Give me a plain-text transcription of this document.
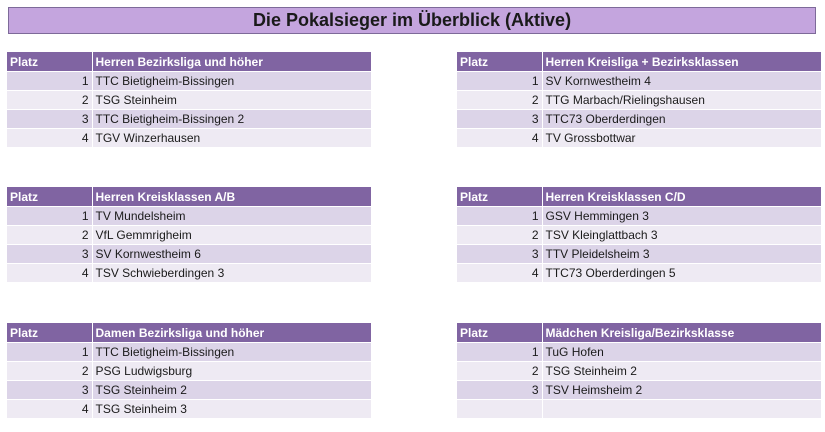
Die Pokalsieger im Überblick (Aktive)
Platz	Herren Bezirksliga und höher
1	TTC Bietigheim-Bissingen
2	TSG Steinheim
3	TTC Bietigheim-Bissingen 2
4	TGV Winzerhausen
Platz	Herren Kreisliga + Bezirksklassen
1	SV Kornwestheim 4
2	TTG Marbach/Rielingshausen
3	TTC73 Oberderdingen
4	TV Grossbottwar
Platz	Herren Kreisklassen A/B
1	TV Mundelsheim
2	VfL Gemmrigheim
3	SV Kornwestheim 6
4	TSV Schwieberdingen 3
Platz	Herren Kreisklassen C/D
1	GSV Hemmingen 3
2	TSV Kleinglattbach 3
3	TTV Pleidelsheim 3
4	TTC73 Oberderdingen 5
Platz	Damen Bezirksliga und höher
1	TTC Bietigheim-Bissingen
2	PSG Ludwigsburg
3	TSG Steinheim 2
4	TSG Steinheim 3
Platz	Mädchen Kreisliga/Bezirksklasse
1	TuG Hofen
2	TSG Steinheim 2
3	TSV Heimsheim 2
